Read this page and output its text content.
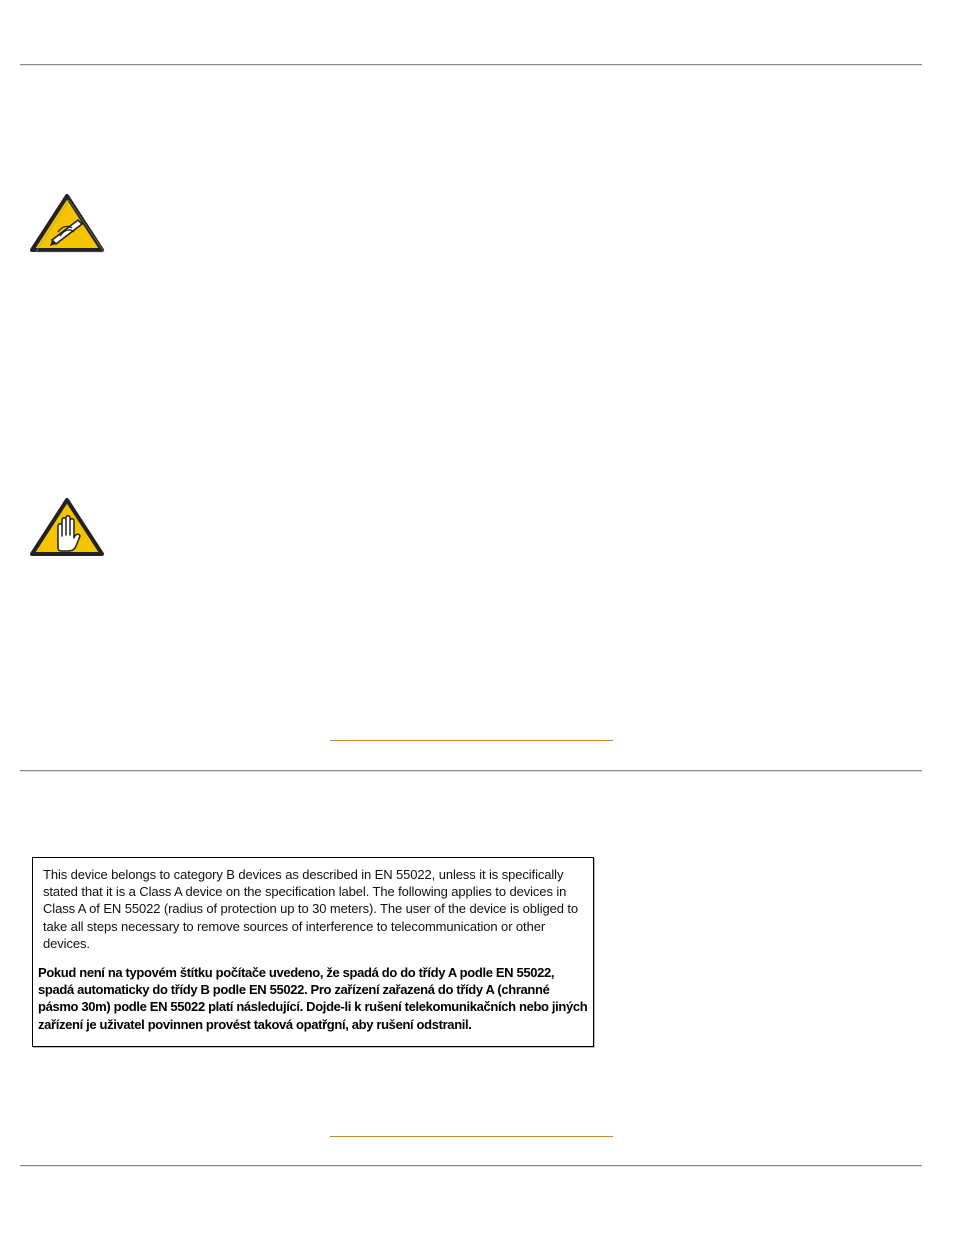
This device belongs to category B devices as described in EN 55022, unless it is specifically stated that it is a Class A device on the specification label. The following applies to devices in Class A of EN 55022 (radius of protection up to 30 meters). The user of the device is obliged to take all steps necessary to remove sources of interference to telecommunication or other devices.
Pokud není na typovém štítku počítače uvedeno, že spadá do do třídy A podle EN 55022, spadá automaticky do třídy B podle EN 55022. Pro zařízení zařazená do třídy A (chranné pásmo 30m) podle EN 55022 platí následující. Dojde-li k rušení telekomunikačních nebo jiných zařízení je uživatel povinnen provést taková opatřgní, aby rušení odstranil.
